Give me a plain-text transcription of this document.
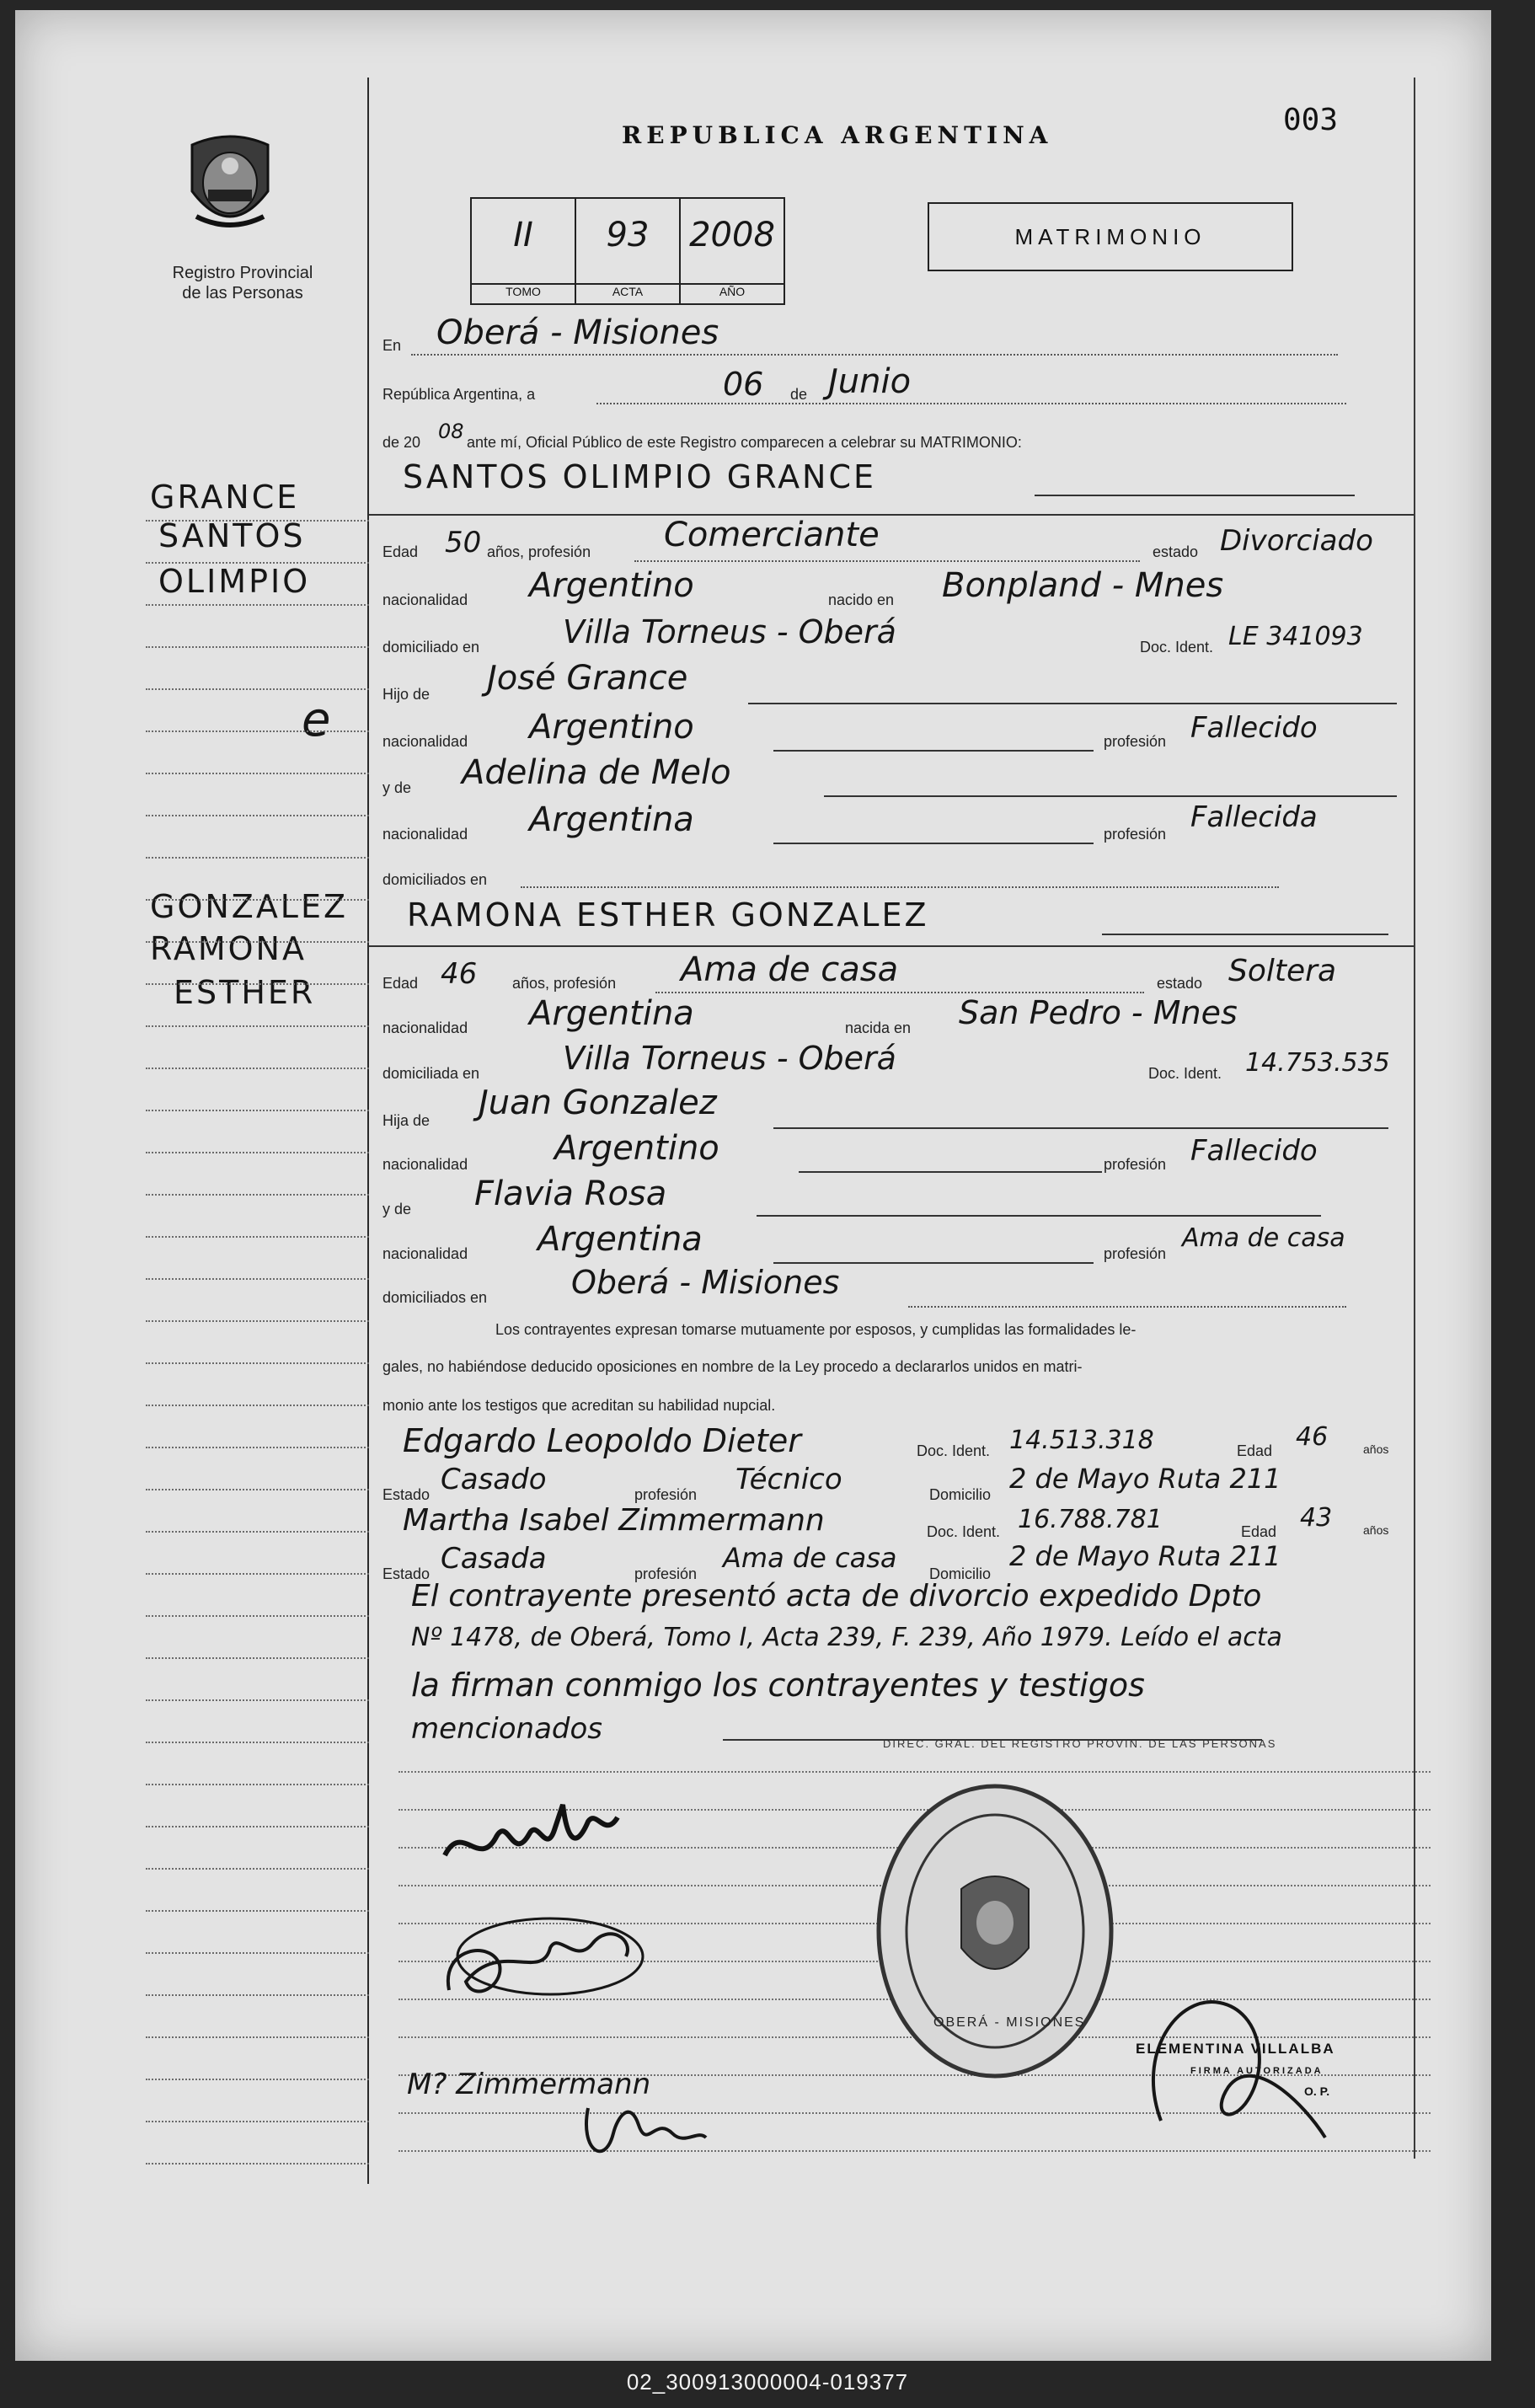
Registro Provincial
de las Personas
REPUBLICA ARGENTINA	003
II
TOMO
93
ACTA
2008
AÑO
MATRIMONIO
En Oberá - Misiones
República Argentina, a	06 de Junio
de 20 08 ante mí, Oficial Público de este Registro comparecen a celebrar su MATRIMONIO:
SANTOS OLIMPIO GRANCE
Edad 50 años, profesión Comerciante	estado Divorciado
nacionalidad Argentino	nacido en Bonpland - Mnes
domiciliado en	Villa Torneus - Oberá	Doc. Ident. LE 341093
Hijo de José Grance
nacionalidad Argentino	profesión Fallecido
y de Adelina de Melo
nacionalidad Argentina	profesión Fallecida
domiciliados en
RAMONA ESTHER GONZALEZ
Edad 46 años, profesión Ama de casa	estado Soltera
nacionalidad Argentina	nacida en San Pedro - Mnes
domiciliada en	Villa Torneus - Oberá	Doc. Ident. 14.753.535
Hija de Juan Gonzalez
nacionalidad	Argentino	profesión Fallecido
y de Flavia Rosa
nacionalidad Argentina	profesión
Ama de casa
domiciliados en	Oberá - Misiones
Los contrayentes expresan tomarse mutuamente por esposos, y cumplidas las formalidades le-
gales, no habiéndose deducido oposiciones en nombre de la Ley procedo a declararlos unidos en matri-
monio ante los testigos que acreditan su habilidad nupcial.
Edgardo Leopoldo Dieter	Doc. Ident. 14.513.318	Edad 46	años
Estado Casado	profesión Técnico	Domicilio 2 de Mayo Ruta 211
Martha Isabel Zimmermann	Doc. Ident. 16.788.781	Edad 43	años
Estado Casada	profesión Ama de casa Domicilio
2 de Mayo Ruta 211
El contrayente presentó acta de divorcio expedido Dpto
Nº 1478, de Oberá, Tomo I, Acta 239, F. 239, Año 1979. Leído el acta
la firman conmigo los contrayentes y testigos
mencionados
GRANCE
SANTOS
OLIMPIO
e
GONZALEZ
RAMONA
ESTHER
DIREC. GRAL. DEL REGISTRO PROVIN. DE LAS PERSONAS
OBERÁ - MISIONES
ELEMENTINA VILLALBA
FIRMA AUTORIZADA
O. P.
M? Zimmermann
02_300913000004-019377
